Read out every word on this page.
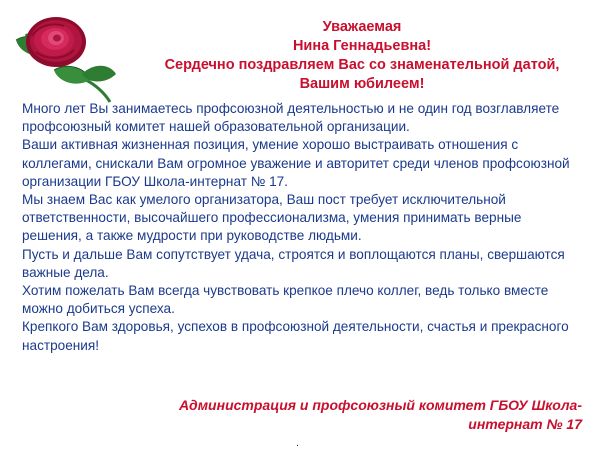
Уважаемая
Нина Геннадьевна!
Сердечно поздравляем Вас со знаменательной датой,
Вашим юбилеем!

Много лет Вы занимаетесь профсоюзной деятельностью и не один год возглавляете профсоюзный комитет нашей образовательной организации.

Ваши активная жизненная позиция, умение хорошо выстраивать отношения с коллегами, снискали Вам огромное уважение и авторитет среди членов профсоюзной организации ГБОУ Школа-интернат № 17.

Мы знаем Вас как умелого организатора, Ваш пост требует исключительной ответственности, высочайшего профессионализма, умения принимать верные решения, а также мудрости при руководстве людьми.

Пусть и дальше Вам сопутствует удача, строятся и воплощаются планы, свершаются важные дела.

Хотим пожелать Вам всегда чувствовать крепкое плечо коллег, ведь только вместе можно добиться успеха.

Крепкого Вам здоровья, успехов в профсоюзной деятельности, счастья и прекрасного настроения!

Администрация и профсоюзный комитет ГБОУ Школа-
интернат № 17
.
